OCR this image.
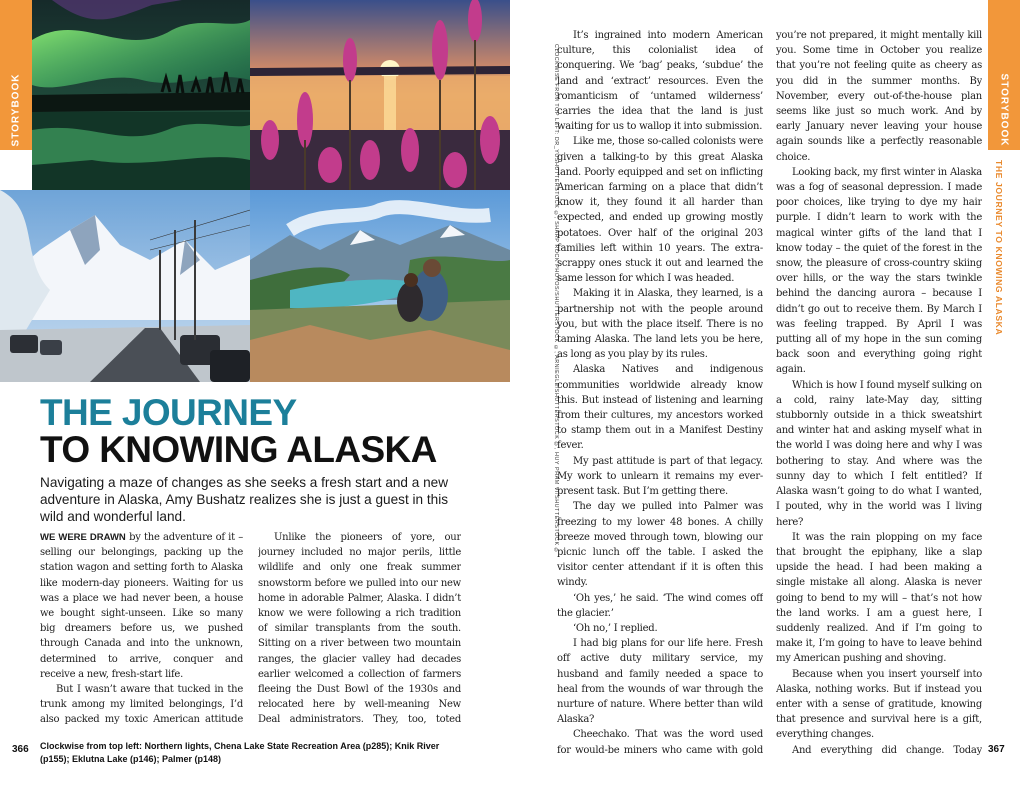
STORYBOOK	STORYBOOK
THE JOURNEY TO KNOWING ALASKA
CLOCKWISE FROM TOP LEFT: DR_YUSHUTTERSTOCK ©, SHARP ROCK PHOTOS/SHUTTERSTOCK ©, ARNIEGLE/SHUTTERSTOCK ©, HUY PHAM VI/SHUTTERSTOCK ©
THE JOURNEY
TO KNOWING ALASKA
Navigating a maze of changes as she seeks a fresh start and a new adventure in Alaska, Amy Bushatz realizes she is just a guest in this wild and wonderful land.

WE WERE DRAWN by the adventure of it – selling our belongings, packing up the station wagon and setting forth to Alaska like modern-day pioneers. Waiting for us was a place we had never been, a house we bought sight-unseen. Like so many big dreamers before us, we pushed through Canada and into the unknown, determined to arrive, conquer and receive a new, fresh-start life.

But I wasn’t aware that tucked in the trunk among my limited belongings, I’d also packed my toxic American attitude

Unlike the pioneers of yore, our journey included no major perils, little wildlife and only one freak summer snowstorm before we pulled into our new home in adorable Palmer, Alaska. I didn’t know we were following a rich tradition of similar transplants from the south. Sitting on a river between two mountain ranges, the glacier valley had decades earlier welcomed a collection of farmers fleeing the Dust Bowl of the 1930s and relocated here by well-meaning New Deal administrators. They, too, toted

It’s ingrained into modern American culture, this colonialist idea of conquering. We ‘bag’ peaks, ‘subdue’ the land and ‘extract’ resources. Even the romanticism of ‘untamed wilderness’ carries the idea that the land is just waiting for us to wallop it into submission.

Like me, those so-called colonists were given a talking-to by this great Alaska land. Poorly equipped and set on inflicting American farming on a place that didn’t know it, they found it all harder than expected, and ended up growing mostly potatoes. Over half of the original 203 families left within 10 years. The extra-scrappy ones stuck it out and learned the same lesson for which I was headed.

Making it in Alaska, they learned, is a partnership not with the people around you, but with the place itself. There is no taming Alaska. The land lets you be here, as long as you play by its rules.

Alaska Natives and indigenous communities worldwide already know this. But instead of listening and learning from their cultures, my ancestors worked to stamp them out in a Manifest Destiny fever.

My past attitude is part of that legacy. My work to unlearn it remains my ever-present task. But I’m getting there.

The day we pulled into Palmer was freezing to my lower 48 bones. A chilly breeze moved through town, blowing our picnic lunch off the table. I asked the visitor center attendant if it is often this windy.

‘Oh yes,’ he said. ‘The wind comes off the glacier.’

‘Oh no,’ I replied.

I had big plans for our life here. Fresh off active duty military service, my husband and family needed a space to heal from the wounds of war through the nurture of nature. Where better than wild Alaska?

Cheechako. That was the word used for would-be miners who came with gold

you’re not prepared, it might mentally kill you. Some time in October you realize that you’re not feeling quite as cheery as you did in the summer months. By November, every out-of-the-house plan seems like just so much work. And by early January never leaving your house again sounds like a perfectly reasonable choice.

Looking back, my first winter in Alaska was a fog of seasonal depression. I made poor choices, like trying to dye my hair purple. I didn’t learn to work with the magical winter gifts of the land that I know today – the quiet of the forest in the snow, the pleasure of cross-country skiing over hills, or the way the stars twinkle behind the dancing aurora – because I didn’t go out to receive them. By March I was feeling trapped. By April I was putting all of my hope in the sun coming back soon and everything going right again.

Which is how I found myself sulking on a cold, rainy late-May day, sitting stubbornly outside in a thick sweatshirt and winter hat and asking myself what in the world I was doing here and why I was bothering to stay. And where was the sunny day to which I felt entitled? If Alaska wasn’t going to do what I wanted, I pouted, why in the world was I living here?

It was the rain plopping on my face that brought the epiphany, like a slap upside the head. I had been making a single mistake all along. Alaska is never going to bend to my will – that’s not how the land works. I am a guest here, I suddenly realized. And if I’m going to make it, I’m going to have to leave behind my American pushing and shoving.

Because when you insert yourself into Alaska, nothing works. But if instead you enter with a sense of gratitude, knowing that presence and survival here is a gift, everything changes.

And everything did change. Today

366 Clockwise from top left: Northern lights, Chena Lake State Recreation Area (p285); Knik River (p155); Eklutna Lake (p146); Palmer (p148)
367
